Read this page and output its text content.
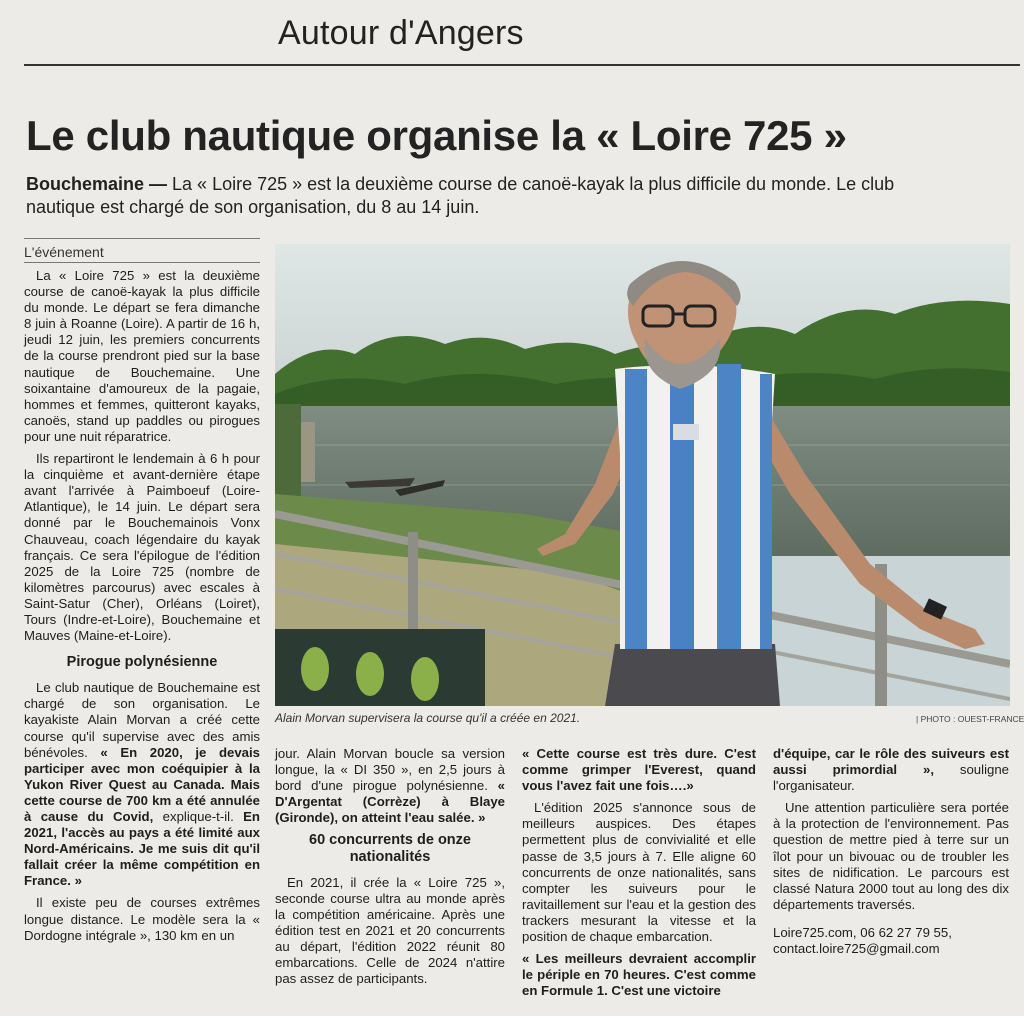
Autour d'Angers
Le club nautique organise la « Loire 725 »
Bouchemaine — La « Loire 725 » est la deuxième course de canoë-kayak la plus difficile du monde. Le club nautique est chargé de son organisation, du 8 au 14 juin.
L'événement

La « Loire 725 » est la deuxième course de canoë-kayak la plus difficile du monde. Le départ se fera dimanche 8 juin à Roanne (Loire). A partir de 16 h, jeudi 12 juin, les premiers concurrents de la course prendront pied sur la base nautique de Bouchemaine. Une soixantaine d'amoureux de la pagaie, hommes et femmes, quitteront kayaks, canoës, stand up paddles ou pirogues pour une nuit réparatrice.

Ils repartiront le lendemain à 6 h pour la cinquième et avant-dernière étape avant l'arrivée à Paimboeuf (Loire-Atlantique), le 14 juin. Le départ sera donné par le Bouchemainois Vonx Chauveau, coach légendaire du kayak français. Ce sera l'épilogue de l'édition 2025 de la Loire 725 (nombre de kilomètres parcourus) avec escales à Saint-Satur (Cher), Orléans (Loiret), Tours (Indre-et-Loire), Bouchemaine et Mauves (Maine-et-Loire).

Pirogue polynésienne

Le club nautique de Bouchemaine est chargé de son organisation. Le kayakiste Alain Morvan a créé cette course qu'il supervise avec des amis bénévoles. « En 2020, je devais participer avec mon coéquipier à la Yukon River Quest au Canada. Mais cette course de 700 km a été annulée à cause du Covid, explique-t-il. En 2021, l'accès au pays a été limité aux Nord-Américains. Je me suis dit qu'il fallait créer la même compétition en France. »

Il existe peu de courses extrêmes longue distance. Le modèle sera la « Dordogne intégrale », 130 km en un

Alain Morvan supervisera la course qu'il a créée en 2021.	| PHOTO : OUEST-FRANCE

jour. Alain Morvan boucle sa version longue, la « DI 350 », en 2,5 jours à bord d'une pirogue polynésienne. « D'Argentat (Corrèze) à Blaye (Gironde), on atteint l'eau salée. »

60 concurrents de onze nationalités

En 2021, il crée la « Loire 725 », seconde course ultra au monde après la compétition américaine. Après une édition test en 2021 et 20 concurrents au départ, l'édition 2022 réunit 80 embarcations. Celle de 2024 n'attire pas assez de participants.

« Cette course est très dure. C'est comme grimper l'Everest, quand vous l'avez fait une fois….»

L'édition 2025 s'annonce sous de meilleurs auspices. Des étapes permettent plus de convivialité et elle passe de 3,5 jours à 7. Elle aligne 60 concurrents de onze nationalités, sans compter les suiveurs pour le ravitaillement sur l'eau et la gestion des trackers mesurant la vitesse et la position de chaque embarcation.

« Les meilleurs devraient accomplir le périple en 70 heures. C'est comme en Formule 1. C'est une victoire

d'équipe, car le rôle des suiveurs est aussi primordial », souligne l'organisateur.

Une attention particulière sera portée à la protection de l'environnement. Pas question de mettre pied à terre sur un îlot pour un bivouac ou de troubler les sites de nidification. Le parcours est classé Natura 2000 tout au long des dix départements traversés.

Loire725.com, 06 62 27 79 55, contact.loire725@gmail.com
